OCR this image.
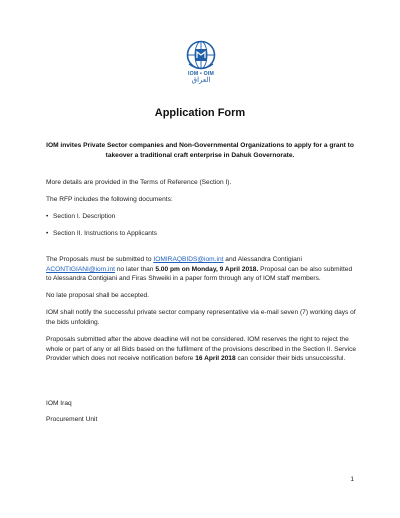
IOM • OIM
العراق
Application Form
IOM invites Private Sector companies and Non-Governmental Organizations to apply for a grant to takeover a traditional craft enterprise in Dahuk Governorate.

More details are provided in the Terms of Reference (Section I).

The RFP includes the following documents:

• Section I. Description
• Section II. Instructions to Applicants

The Proposals must be submitted to IOMIRAQBIDS@iom.int and Alessandra Contigiani ACONTIGIANI@iom.int no later than 5.00 pm on Monday, 9 April 2018. Proposal can be also submitted to Alessandra Contigiani and Firas Shweiki in a paper form through any of IOM staff members.

No late proposal shall be accepted.

IOM shall notify the successful private sector company representative via e-mail seven (7) working days of the bids unfolding.

Proposals submitted after the above deadline will not be considered. IOM reserves the right to reject the whole or part of any or all Bids based on the fulfilment of the provisions described in the Section II. Service Provider which does not receive notification before 16 April 2018 can consider their bids unsuccessful.

IOM Iraq

Procurement Unit

1
